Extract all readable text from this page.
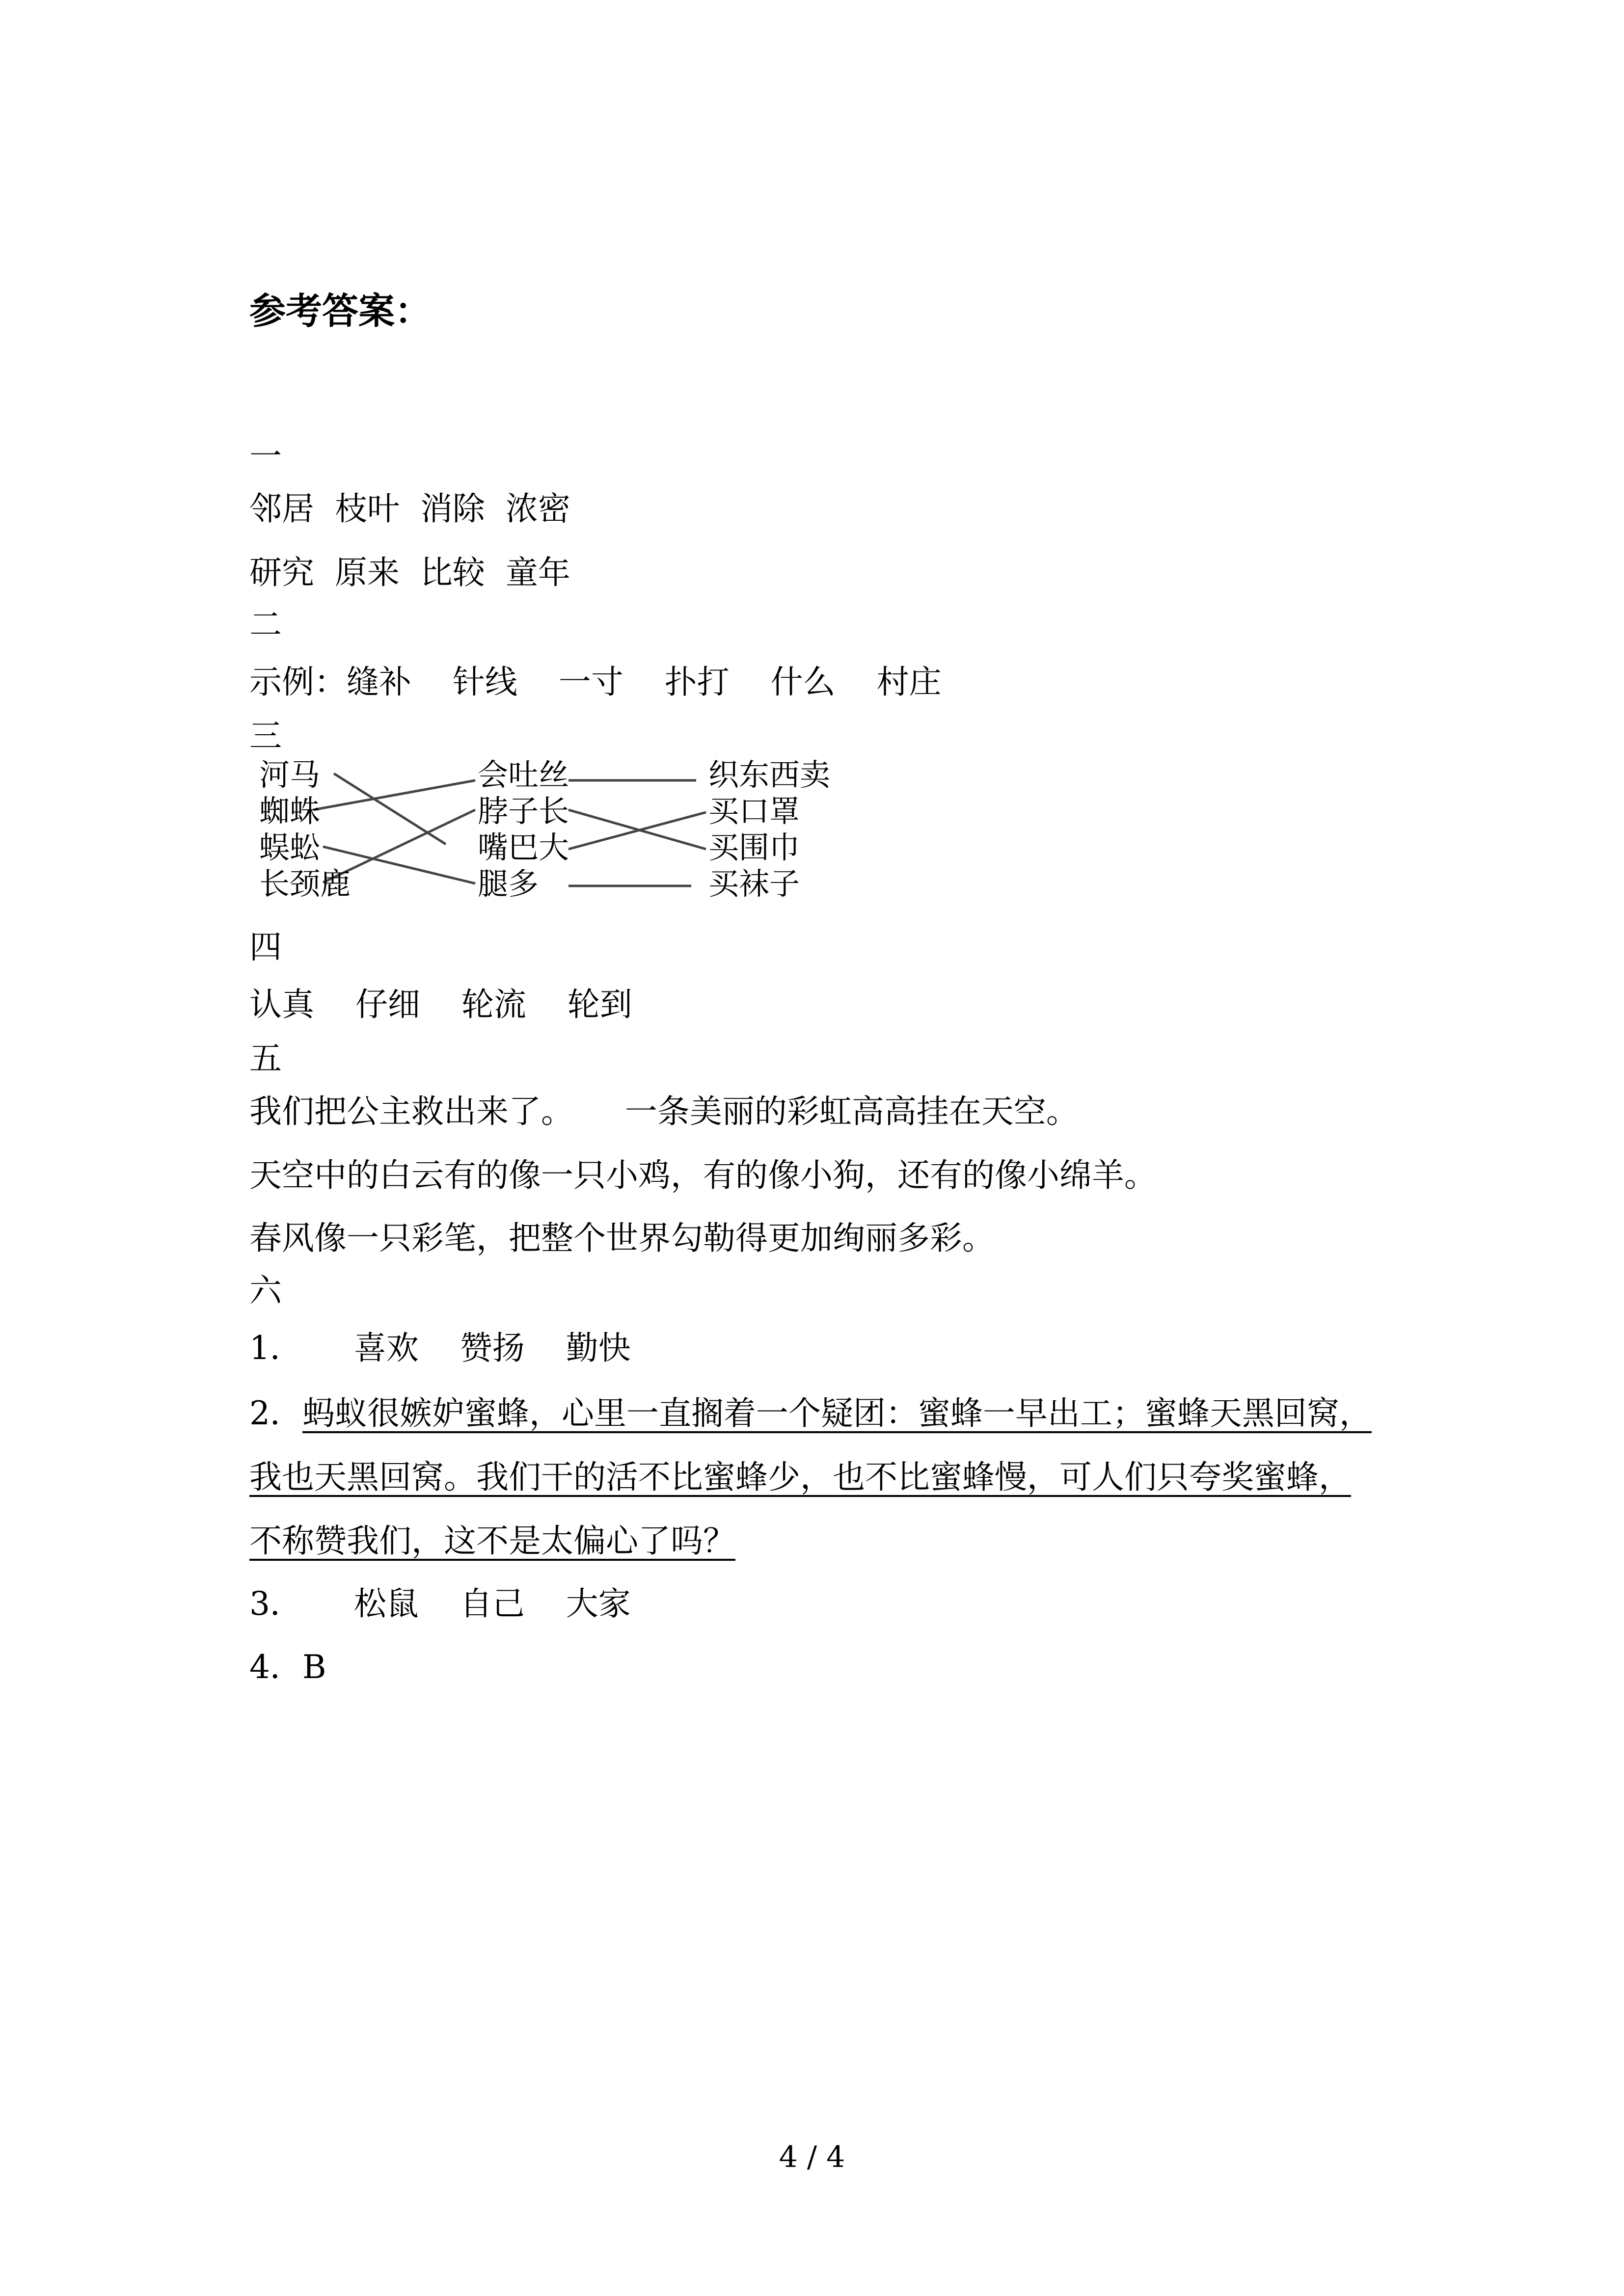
参考答案：
一
邻居  枝叶  消除  浓密
研究  原来  比较  童年
二
示例：缝补    针线    一寸    扑打    什么    村庄
三
河马
蜘蛛
蜈蚣
长颈鹿
会吐丝
脖子长
嘴巴大
腿多
织东西卖
买口罩
买围巾
买袜子
四
认真    仔细    轮流    轮到
五
我们把公主救出来了。     一条美丽的彩虹高高挂在天空。
天空中的白云有的像一只小鸡，有的像小狗，还有的像小绵羊。
春风像一只彩笔，把整个世界勾勒得更加绚丽多彩。
六
1．     喜欢    赞扬    勤快
2．蚂蚁很嫉妒蜜蜂，心里一直搁着一个疑团：蜜蜂一早出工；蜜蜂天黑回窝，
我也天黑回窝。我们干的活不比蜜蜂少，也不比蜜蜂慢，可人们只夸奖蜜蜂，
不称赞我们，这不是太偏心了吗？
3．     松鼠    自己    大家
4．B
4 / 4
